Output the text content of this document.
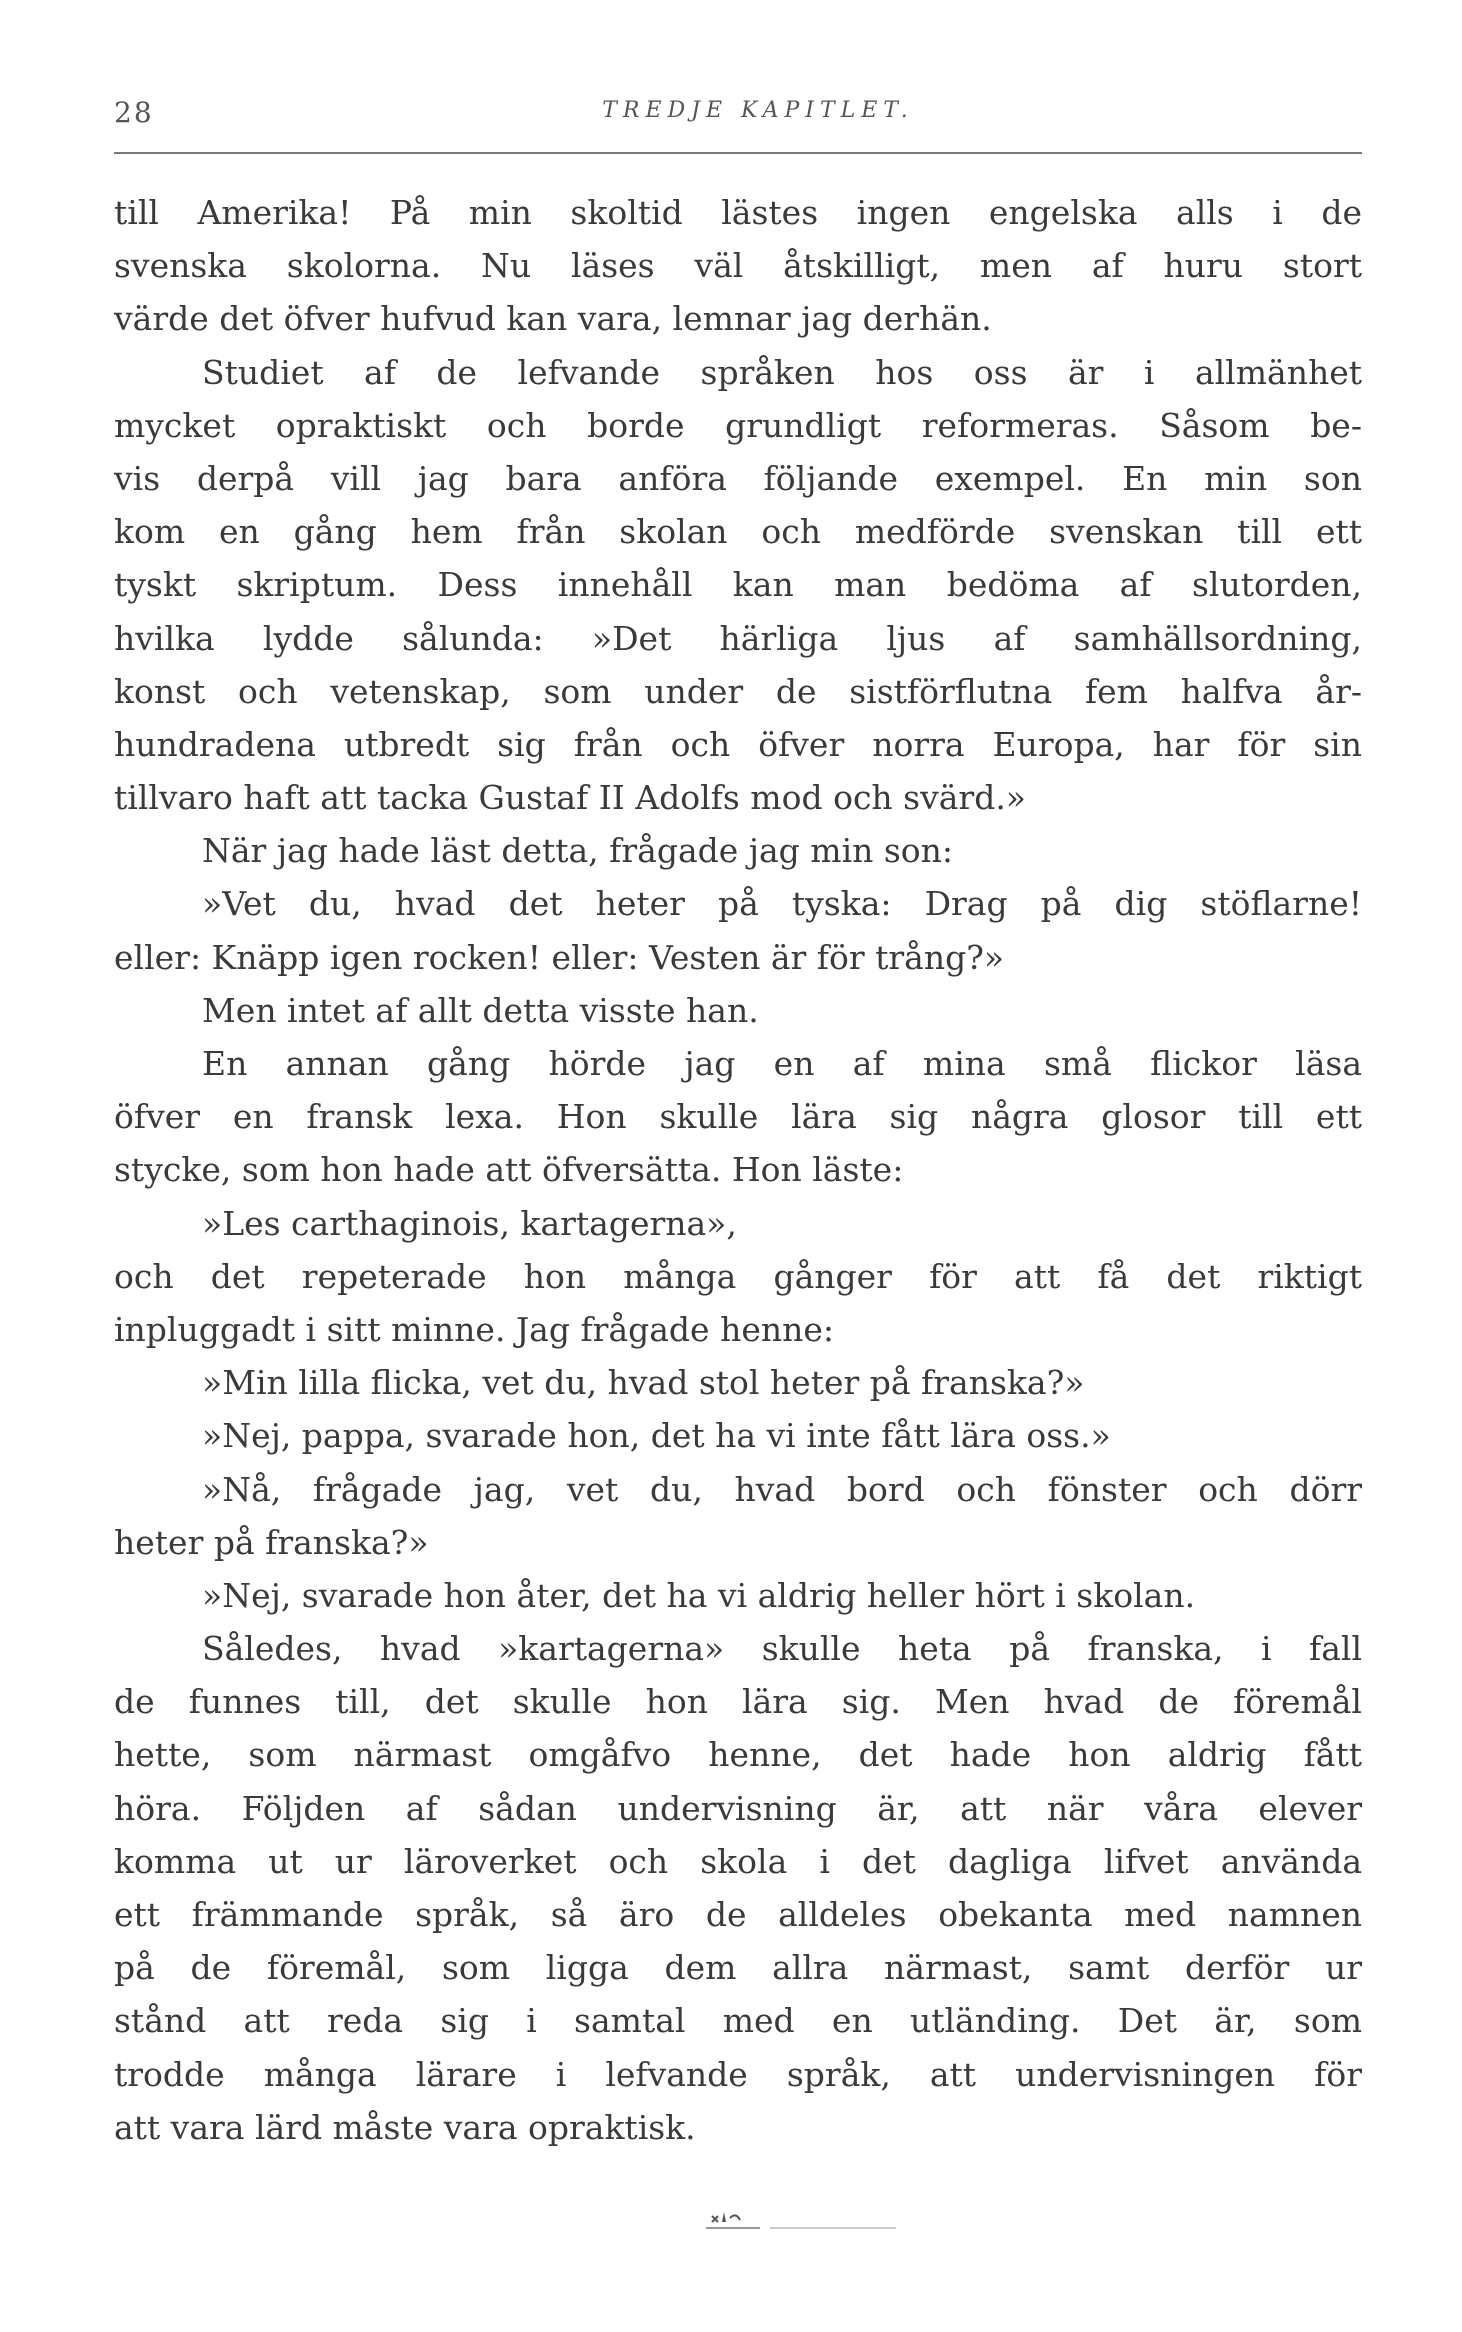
28	TREDJE KAPITLET.
till Amerika! På min skoltid lästes ingen engelska alls i de
svenska skolorna. Nu läses väl åtskilligt, men af huru stort
värde det öfver hufvud kan vara, lemnar jag derhän.
Studiet af de lefvande språken hos oss är i allmänhet
mycket opraktiskt och borde grundligt reformeras. Såsom be-
vis derpå vill jag bara anföra följande exempel. En min son
kom en gång hem från skolan och medförde svenskan till ett
tyskt skriptum. Dess innehåll kan man bedöma af slutorden,
hvilka lydde sålunda: »Det härliga ljus af samhällsordning,
konst och vetenskap, som under de sistförflutna fem halfva år-
hundradena utbredt sig från och öfver norra Europa, har för sin
tillvaro haft att tacka Gustaf II Adolfs mod och svärd.»
När jag hade läst detta, frågade jag min son:
»Vet du, hvad det heter på tyska: Drag på dig stöflarne!
eller: Knäpp igen rocken! eller: Vesten är för trång?»
Men intet af allt detta visste han.
En annan gång hörde jag en af mina små flickor läsa
öfver en fransk lexa. Hon skulle lära sig några glosor till ett
stycke, som hon hade att öfversätta. Hon läste:
»Les carthaginois, kartagerna»,
och det repeterade hon många gånger för att få det riktigt
inpluggadt i sitt minne. Jag frågade henne:
»Min lilla flicka, vet du, hvad stol heter på franska?»
»Nej, pappa, svarade hon, det ha vi inte fått lära oss.»
»Nå, frågade jag, vet du, hvad bord och fönster och dörr
heter på franska?»
»Nej, svarade hon åter, det ha vi aldrig heller hört i skolan.
Således, hvad »kartagerna» skulle heta på franska, i fall
de funnes till, det skulle hon lära sig. Men hvad de föremål
hette, som närmast omgåfvo henne, det hade hon aldrig fått
höra. Följden af sådan undervisning är, att när våra elever
komma ut ur läroverket och skola i det dagliga lifvet använda
ett främmande språk, så äro de alldeles obekanta med namnen
på de föremål, som ligga dem allra närmast, samt derför ur
stånd att reda sig i samtal med en utländing. Det är, som
trodde många lärare i lefvande språk, att undervisningen för
att vara lärd måste vara opraktisk.
